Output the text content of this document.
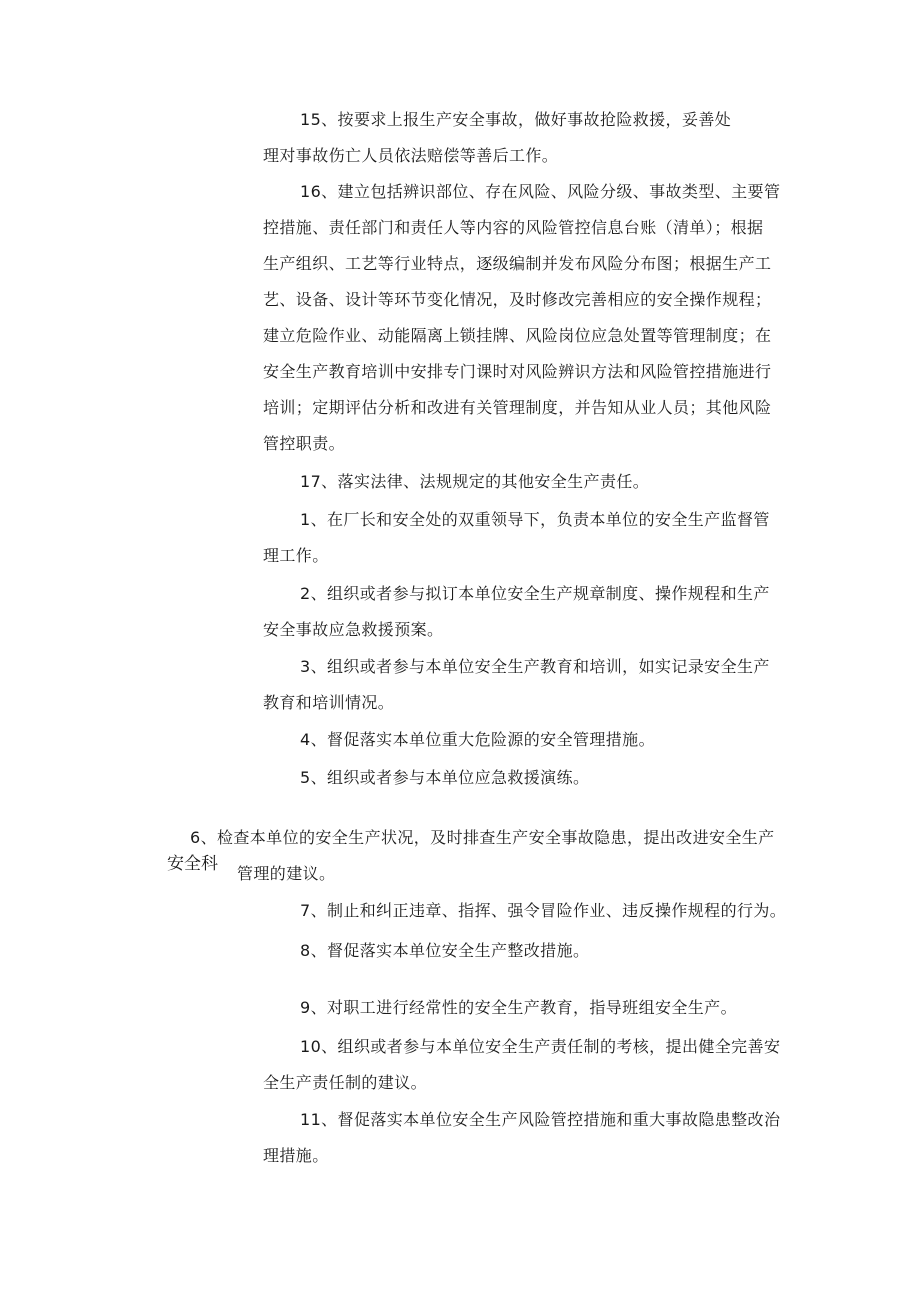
15、按要求上报生产安全事故，做好事故抢险救援，妥善处
理对事故伤亡人员依法赔偿等善后工作。
16、建立包括辨识部位、存在风险、风险分级、事故类型、主要管
控措施、责任部门和责任人等内容的风险管控信息台账（清单）；根据
生产组织、工艺等行业特点，逐级编制并发布风险分布图；根据生产工
艺、设备、设计等环节变化情况，及时修改完善相应的安全操作规程；
建立危险作业、动能隔离上锁挂牌、风险岗位应急处置等管理制度；在
安全生产教育培训中安排专门课时对风险辨识方法和风险管控措施进行
培训；定期评估分析和改进有关管理制度，并告知从业人员；其他风险
管控职责。
17、落实法律、法规规定的其他安全生产责任。
1、在厂长和安全处的双重领导下，负责本单位的安全生产监督管
理工作。
2、组织或者参与拟订本单位安全生产规章制度、操作规程和生产
安全事故应急救援预案。
3、组织或者参与本单位安全生产教育和培训，如实记录安全生产
教育和培训情况。
4、督促落实本单位重大危险源的安全管理措施。
5、组织或者参与本单位应急救援演练。
6、检查本单位的安全生产状况，及时排查生产安全事故隐患，提出改进安全生产
安全科 管理的建议。
7、制止和纠正违章、指挥、强令冒险作业、违反操作规程的行为。
8、督促落实本单位安全生产整改措施。
9、对职工进行经常性的安全生产教育，指导班组安全生产。
10、组织或者参与本单位安全生产责任制的考核，提出健全完善安
全生产责任制的建议。
11、督促落实本单位安全生产风险管控措施和重大事故隐患整改治
理措施。
